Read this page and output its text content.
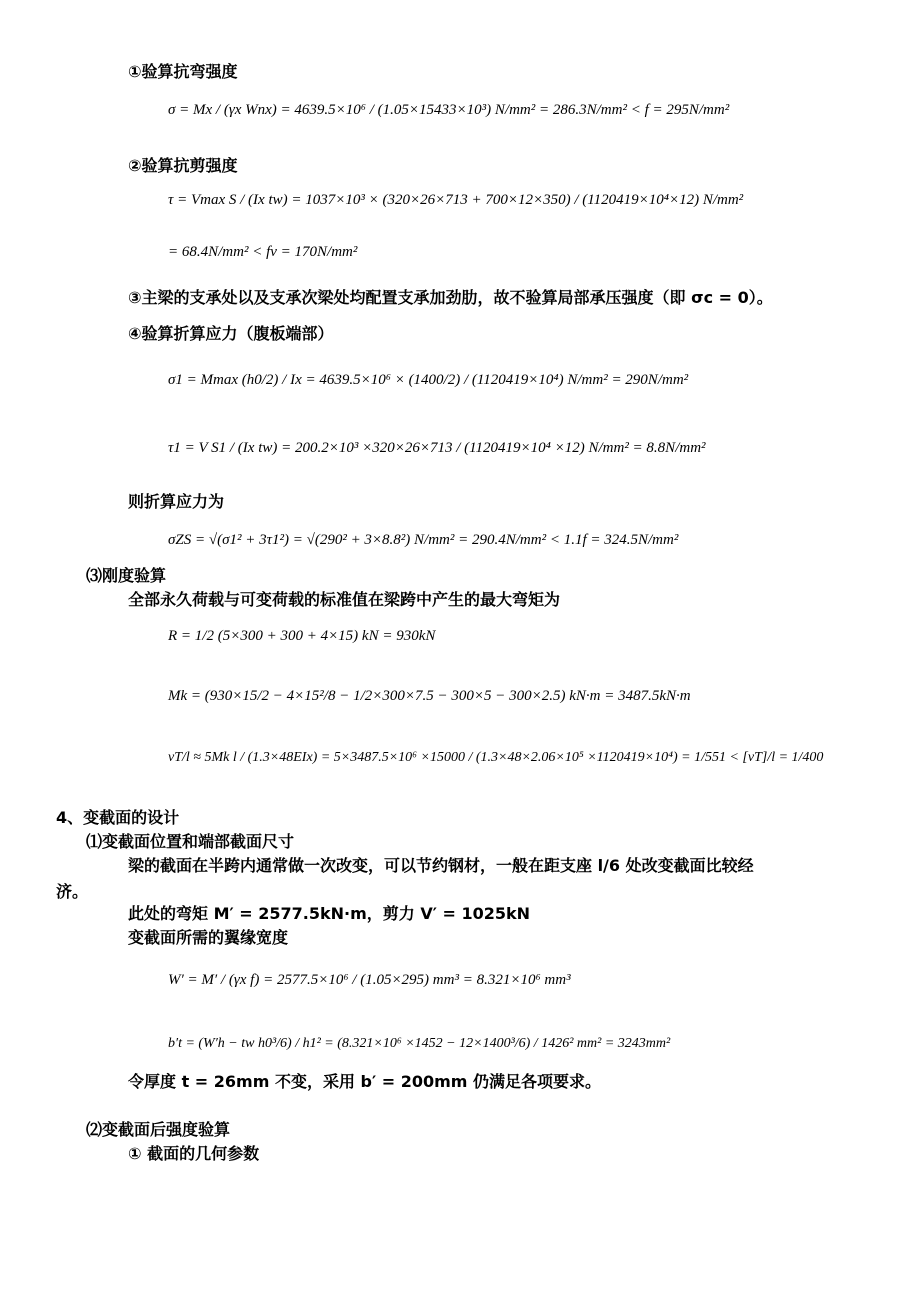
①验算抗弯强度
σ = Mx / (γx Wnx) = 4639.5×10⁶ / (1.05×15433×10³) N/mm² = 286.3N/mm² < f = 295N/mm²
②验算抗剪强度
τ = Vmax S / (Ix tw) = 1037×10³ × (320×26×713 + 700×12×350) / (1120419×10⁴×12) N/mm²
= 68.4N/mm² < fv = 170N/mm²
③主梁的支承处以及支承次梁处均配置支承加劲肋，故不验算局部承压强度（即 σc = 0）。
④验算折算应力（腹板端部）
σ1 = Mmax (h0/2) / Ix = 4639.5×10⁶ × (1400/2) / (1120419×10⁴) N/mm² = 290N/mm²
τ1 = V S1 / (Ix tw) = 200.2×10³ ×320×26×713 / (1120419×10⁴ ×12) N/mm² = 8.8N/mm²
则折算应力为
σZS = √(σ1² + 3τ1²) = √(290² + 3×8.8²) N/mm² = 290.4N/mm² < 1.1f = 324.5N/mm²
⑶刚度验算
全部永久荷载与可变荷载的标准值在梁跨中产生的最大弯矩为
R = 1/2 (5×300 + 300 + 4×15) kN = 930kN
Mk = (930×15/2 − 4×15²/8 − 1/2×300×7.5 − 300×5 − 300×2.5) kN·m = 3487.5kN·m
vT/l ≈ 5Mk l / (1.3×48EIx) = 5×3487.5×10⁶ ×15000 / (1.3×48×2.06×10⁵ ×1120419×10⁴) = 1/551 < [vT]/l = 1/400
4、变截面的设计
⑴变截面位置和端部截面尺寸
梁的截面在半跨内通常做一次改变，可以节约钢材，一般在距支座 l/6 处改变截面比较经
济。
此处的弯矩 M′ = 2577.5kN·m，剪力 V′ = 1025kN
变截面所需的翼缘宽度
W′ = M′ / (γx f) = 2577.5×10⁶ / (1.05×295) mm³ = 8.321×10⁶ mm³
b′t = (W′h − tw h0³/6) / h1² = (8.321×10⁶ ×1452 − 12×1400³/6) / 1426² mm² = 3243mm²
令厚度 t = 26mm 不变，采用 b′ = 200mm 仍满足各项要求。
⑵变截面后强度验算
① 截面的几何参数
